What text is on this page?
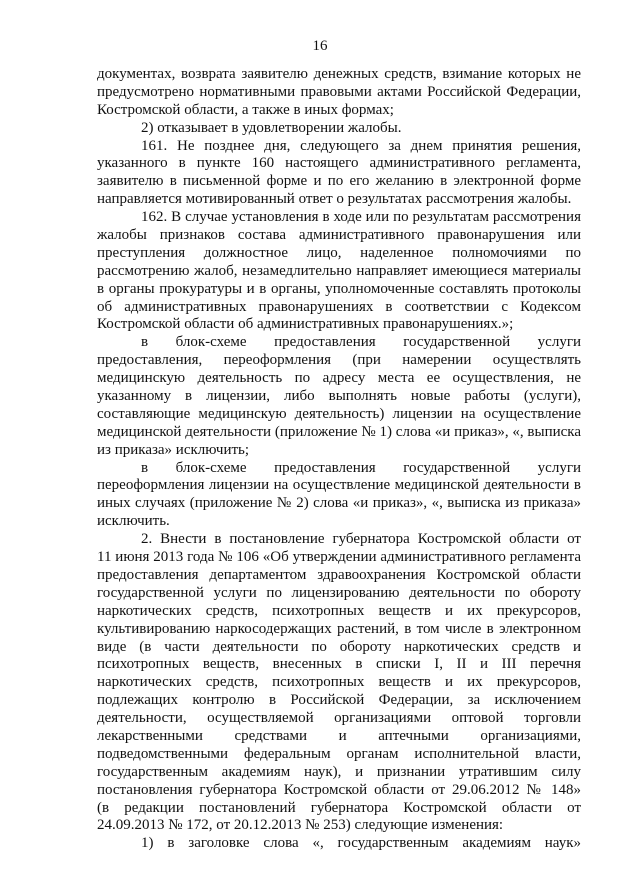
16
документах, возврата заявителю денежных средств, взимание которых не
предусмотрено нормативными правовыми актами Российской Федерации,
Костромской области, а также в иных формах;
2) отказывает в удовлетворении жалобы.
161. Не позднее дня, следующего за днем принятия решения,
указанного в пункте 160 настоящего административного регламента,
заявителю в письменной форме и по его желанию в электронной форме
направляется мотивированный ответ о результатах рассмотрения жалобы.
162. В случае установления в ходе или по результатам рассмотрения
жалобы признаков состава административного правонарушения или
преступления должностное лицо, наделенное полномочиями по
рассмотрению жалоб, незамедлительно направляет имеющиеся материалы
в органы прокуратуры и в органы, уполномоченные составлять протоколы
об административных правонарушениях в соответствии с Кодексом
Костромской области об административных правонарушениях.»;
в блок-схеме предоставления государственной услуги
предоставления, переоформления (при намерении осуществлять
медицинскую деятельность по адресу места ее осуществления, не
указанному в лицензии, либо выполнять новые работы (услуги),
составляющие медицинскую деятельность) лицензии на осуществление
медицинской деятельности (приложение № 1) слова «и приказ», «, выписка
из приказа» исключить;
в блок-схеме предоставления государственной услуги
переоформления лицензии на осуществление медицинской деятельности в
иных случаях (приложение № 2) слова «и приказ», «, выписка из приказа»
исключить.
2. Внести в постановление губернатора Костромской области от
11 июня 2013 года № 106 «Об утверждении административного регламента
предоставления департаментом здравоохранения Костромской области
государственной услуги по лицензированию деятельности по обороту
наркотических средств, психотропных веществ и их прекурсоров,
культивированию наркосодержащих растений, в том числе в электронном
виде (в части деятельности по обороту наркотических средств и
психотропных веществ, внесенных в списки I, II и III перечня
наркотических средств, психотропных веществ и их прекурсоров,
подлежащих контролю в Российской Федерации, за исключением
деятельности, осуществляемой организациями оптовой торговли
лекарственными средствами и аптечными организациями,
подведомственными федеральным органам исполнительной власти,
государственным академиям наук), и признании утратившим силу
постановления губернатора Костромской области от 29.06.2012 № 148»
(в редакции постановлений губернатора Костромской области от
24.09.2013 № 172, от 20.12.2013 № 253) следующие изменения:
1) в заголовке слова «, государственным академиям наук»
